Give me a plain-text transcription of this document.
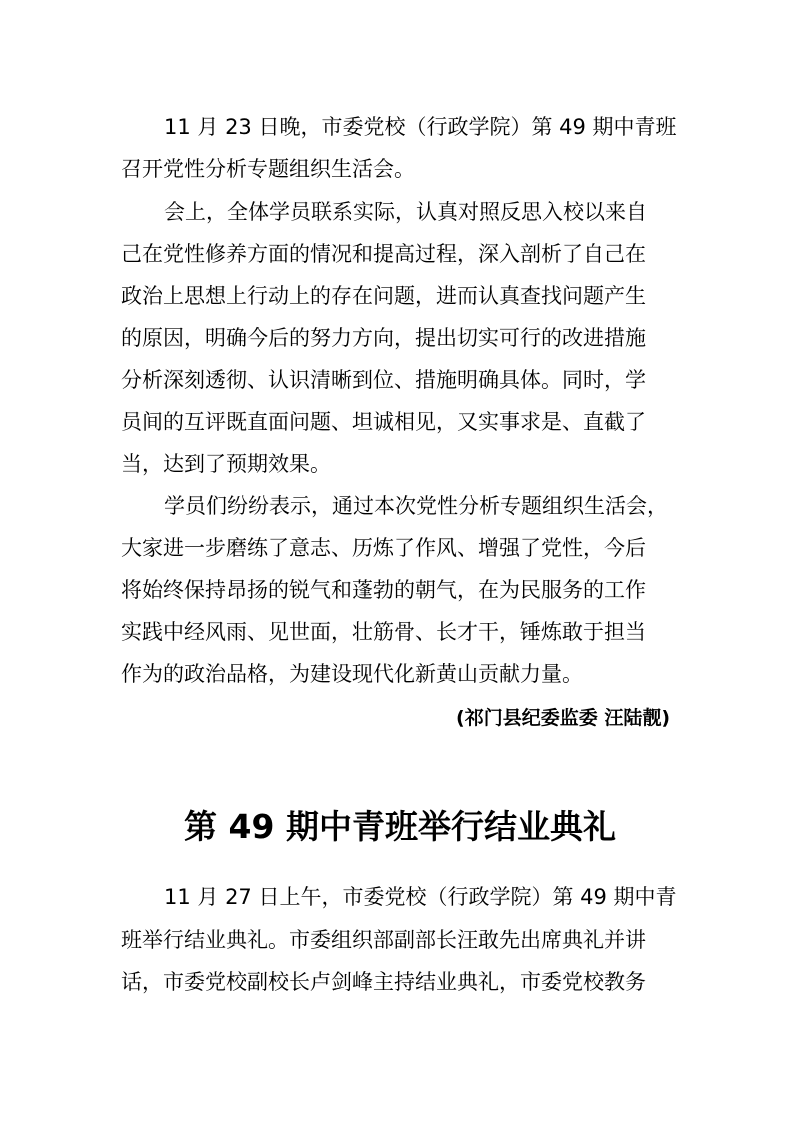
11 月 23 日晚，市委党校（行政学院）第 49 期中青班
召开党性分析专题组织生活会。
会上，全体学员联系实际，认真对照反思入校以来自
己在党性修养方面的情况和提高过程，深入剖析了自己在
政治上思想上行动上的存在问题，进而认真查找问题产生
的原因，明确今后的努力方向，提出切实可行的改进措施
分析深刻透彻、认识清晰到位、措施明确具体。同时，学
员间的互评既直面问题、坦诚相见，又实事求是、直截了
当，达到了预期效果。
学员们纷纷表示，通过本次党性分析专题组织生活会，
大家进一步磨练了意志、历炼了作风、增强了党性，今后
将始终保持昂扬的锐气和蓬勃的朝气，在为民服务的工作
实践中经风雨、见世面，壮筋骨、长才干，锤炼敢于担当
作为的政治品格，为建设现代化新黄山贡献力量。
(祁门县纪委监委 汪陆靓)
第 49 期中青班举行结业典礼
11 月 27 日上午，市委党校（行政学院）第 49 期中青
班举行结业典礼。市委组织部副部长汪敢先出席典礼并讲
话，市委党校副校长卢剑峰主持结业典礼，市委党校教务
